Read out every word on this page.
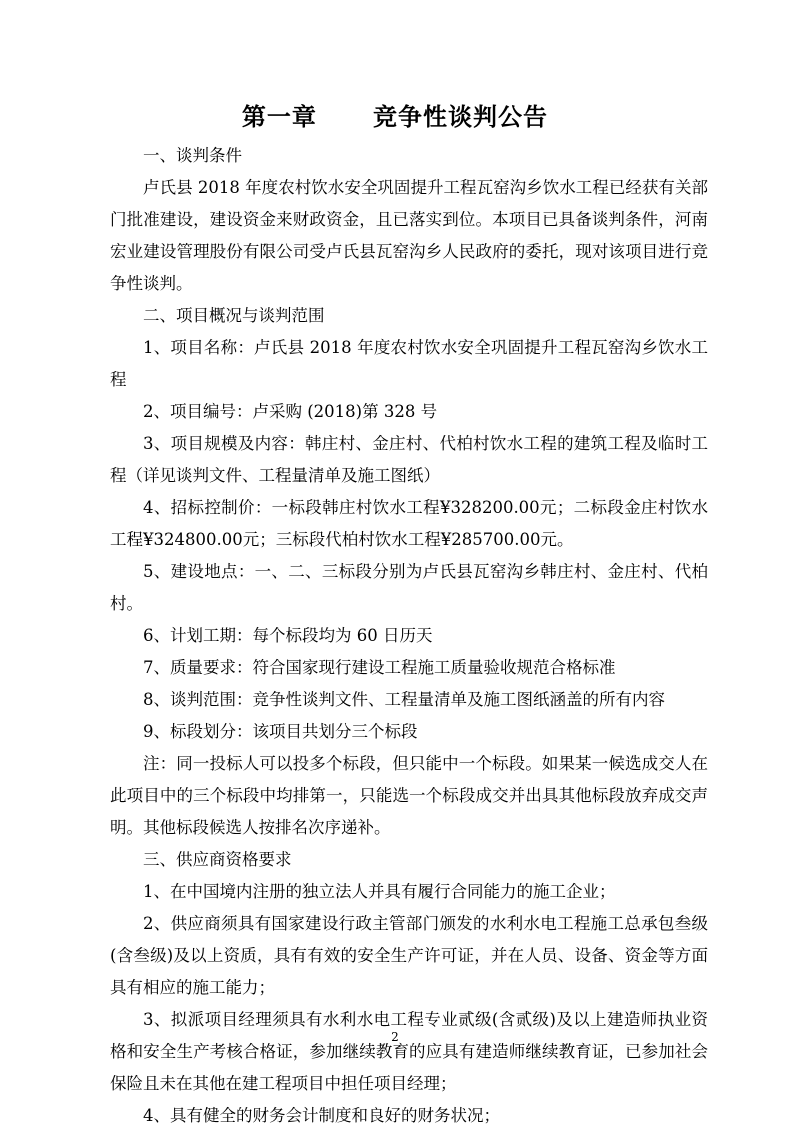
第一章      竞争性谈判公告

一、谈判条件

卢氏县 2018 年度农村饮水安全巩固提升工程瓦窑沟乡饮水工程已经获有关部门批准建设，建设资金来财政资金，且已落实到位。本项目已具备谈判条件，河南宏业建设管理股份有限公司受卢氏县瓦窑沟乡人民政府的委托，现对该项目进行竞争性谈判。

二、项目概况与谈判范围

1、项目名称：卢氏县 2018 年度农村饮水安全巩固提升工程瓦窑沟乡饮水工程

2、项目编号：卢采购 (2018)第 328 号

3、项目规模及内容：韩庄村、金庄村、代柏村饮水工程的建筑工程及临时工程（详见谈判文件、工程量清单及施工图纸）

4、招标控制价：一标段韩庄村饮水工程¥328200.00元；二标段金庄村饮水工程¥324800.00元；三标段代柏村饮水工程¥285700.00元。

5、建设地点：一、二、三标段分别为卢氏县瓦窑沟乡韩庄村、金庄村、代柏村。

6、计划工期：每个标段均为 60 日历天

7、质量要求：符合国家现行建设工程施工质量验收规范合格标准

8、谈判范围：竞争性谈判文件、工程量清单及施工图纸涵盖的所有内容

9、标段划分：该项目共划分三个标段

注：同一投标人可以投多个标段，但只能中一个标段。如果某一候选成交人在此项目中的三个标段中均排第一，只能选一个标段成交并出具其他标段放弃成交声明。其他标段候选人按排名次序递补。

三、供应商资格要求

1、在中国境内注册的独立法人并具有履行合同能力的施工企业；

2、供应商须具有国家建设行政主管部门颁发的水利水电工程施工总承包叁级(含叁级)及以上资质，具有有效的安全生产许可证，并在人员、设备、资金等方面具有相应的施工能力；

3、拟派项目经理须具有水利水电工程专业贰级(含贰级)及以上建造师执业资格和安全生产考核合格证，参加继续教育的应具有建造师继续教育证，已参加社会保险且未在其他在建工程项目中担任项目经理；

4、具有健全的财务会计制度和良好的财务状况；

2
